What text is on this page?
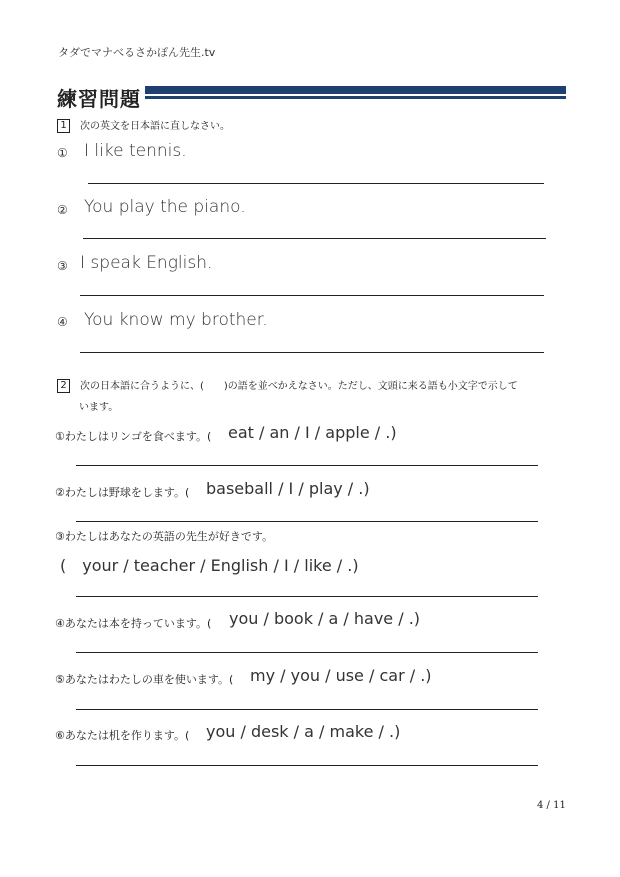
タダでマナべるさかぽん先生.tv
練習問題
1 次の英文を日本語に直しなさい。
① I like tennis.
② You play the piano.
③ I speak English.
④ You know my brother.
2 次の日本語に合うように、(　　)の語を並べかえなさい。ただし、文頭に来る語も小文字で示して
います。
①わたしはリンゴを食べます。( eat / an / I / apple / .)
②わたしは野球をします。( baseball / I / play / .)
③わたしはあなたの英語の先生が好きです。
(　your / teacher / English / I / like / .)
④あなたは本を持っています。( you / book / a / have / .)
⑤あなたはわたしの車を使います。( my / you / use / car / .)
⑥あなたは机を作ります。( you / desk / a / make / .)
4 / 11
